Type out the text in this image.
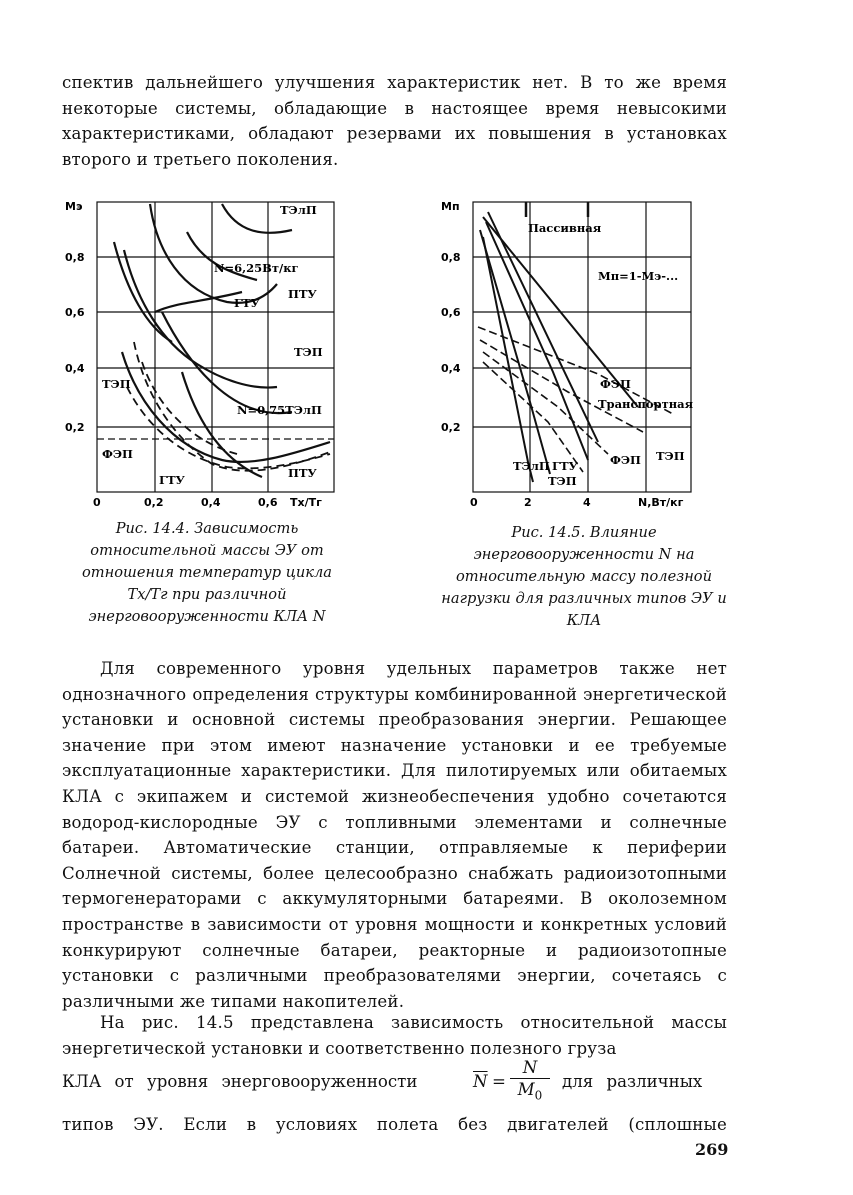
спектив дальнейшего улучшения характеристик нет. В то же время некоторые системы, обладающие в настоящее время невысокими характеристиками, обладают резервами их повышения в установках второго и третьего поколения.

Mэ
0,8
0,6
0,4
0,2
0	0,2	0,4	0,6 Tх/Tг
ТЭлП
N=6,25Вт/кг
ГТУ
ПТУ
ТЭП
ТЭП
N=0,75ТЭлП
ФЭП
ГТУ	ПТУ
Рис. 14.4. Зависимость относительной массы ЭУ от отношения температур цикла Tх/Tг при различной энерговооруженности КЛА N
Mп
0,8
0,6
0,4
0,2
0	2	4	N,Вт/кг
Пассивная
Mп=1-Mэ-...
ФЭП
Транспортная
ТЭлП ГТУ	ФЭП ТЭП
ТЭП
Рис. 14.5. Влияние энерговооруженности N на относительную массу полезной нагрузки для различных типов ЭУ и КЛА

Для современного уровня удельных параметров также нет однозначного определения структуры комбинированной энергетической установки и основной системы преобразования энергии. Решающее значение при этом имеют назначение установки и ее требуемые эксплуатационные характеристики. Для пилотируемых или обитаемых КЛА с экипажем и системой жизнеобеспечения удобно сочетаются водород-кислородные ЭУ с топливными элементами и солнечные батареи. Автоматические станции, отправляемые к периферии Солнечной системы, более целесообразно снабжать радиоизотопными термогенераторами с аккумуляторными батареями. В околоземном пространстве в зависимости от уровня мощности и конкретных условий конкурируют солнечные батареи, реакторные и радиоизотопные установки с различными преобразователями энергии, сочетаясь с различными же типами накопителей.

На рис. 14.5 представлена зависимость относительной массы энергетической установки и соответственно полезного груза

КЛА от уровня энерговооруженности	$\overline{N} = \frac{N}{M_0}$ для различных

типов ЭУ. Если в условиях полета без двигателей (сплошные

269
